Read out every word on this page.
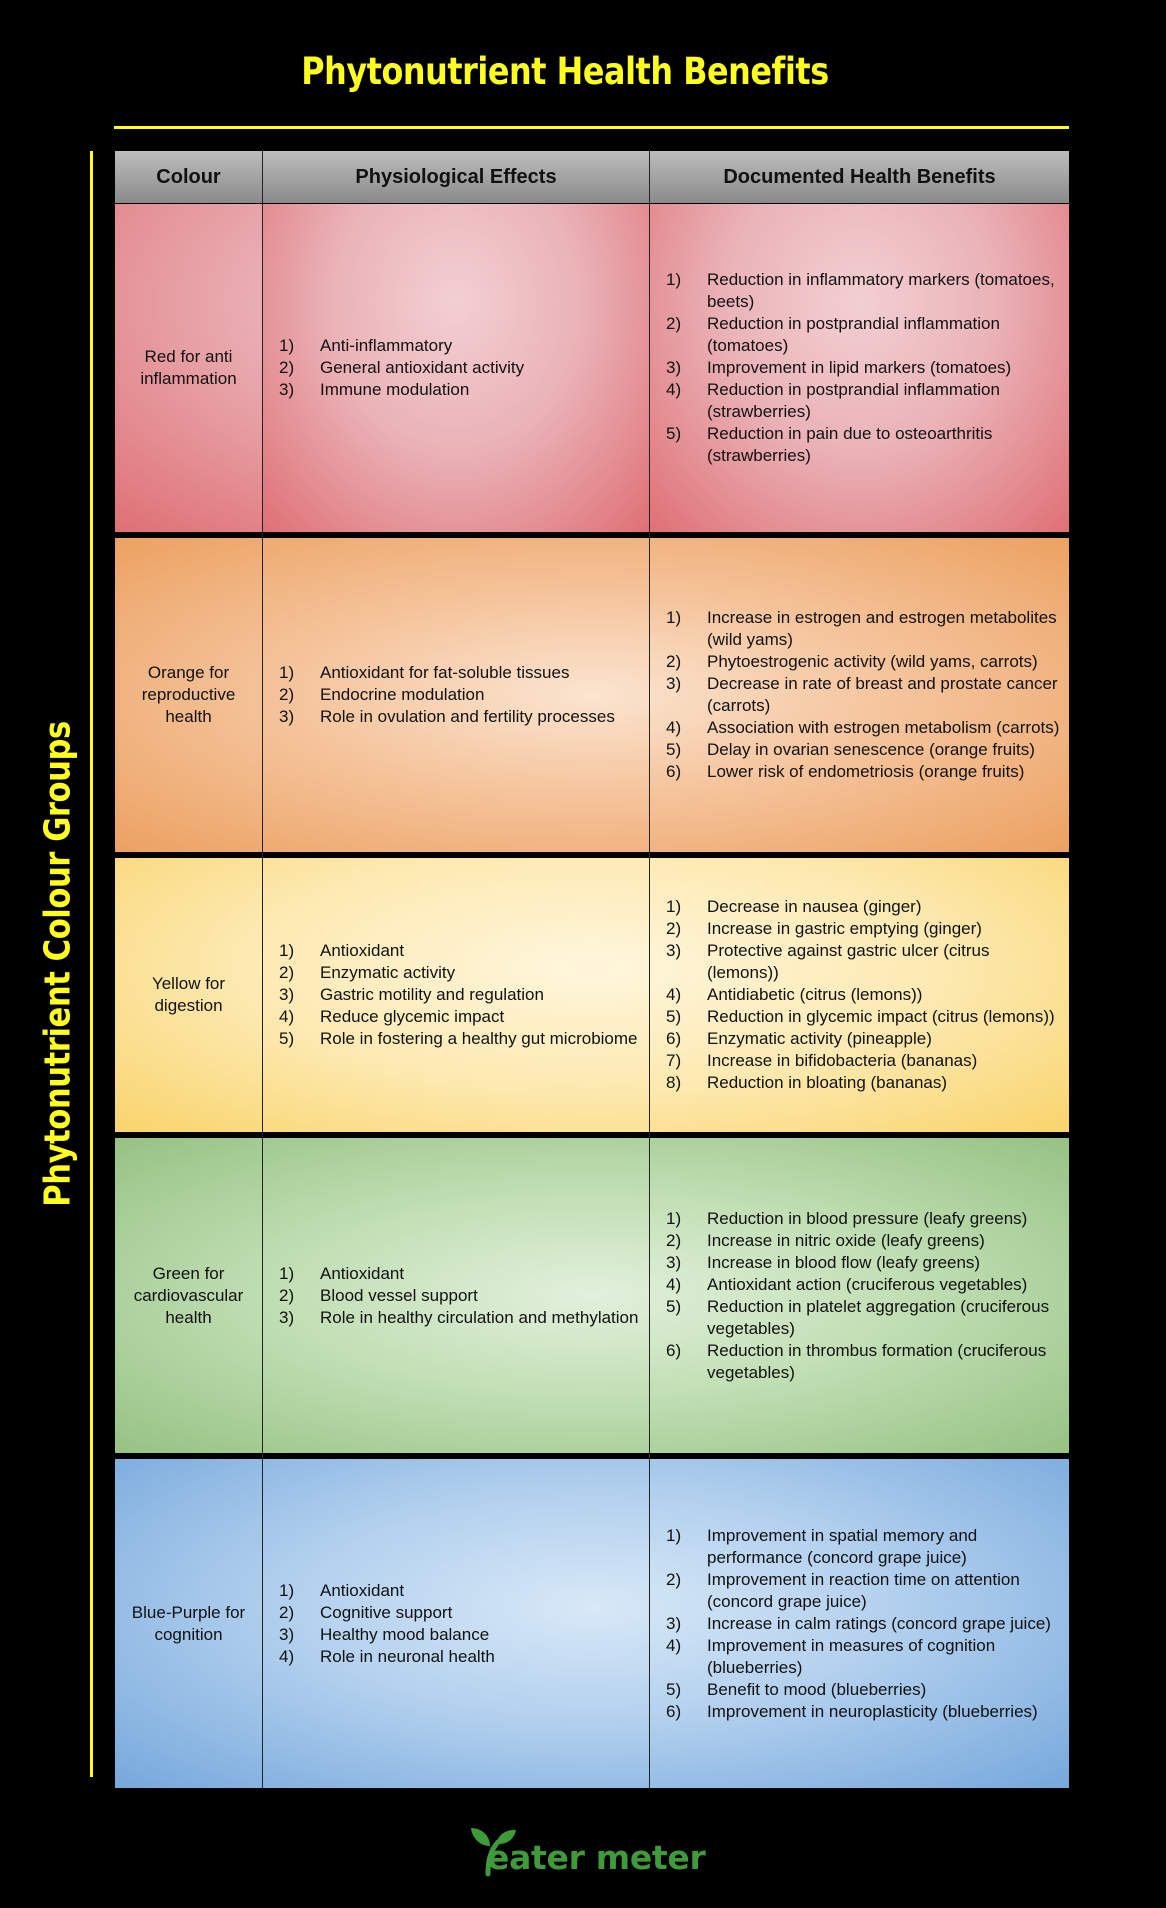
Phytonutrient Health Benefits
Phytonutrient Colour Groups
Colour	Physiological Effects	Documented Health Benefits
Red for anti inflammation
1) Anti-inflammatory
2) General antioxidant activity
3) Immune modulation
1) Reduction in inflammatory markers (tomatoes, beets)
2) Reduction in postprandial inflammation (tomatoes)
3) Improvement in lipid markers (tomatoes)
4) Reduction in postprandial inflammation (strawberries)
5) Reduction in pain due to osteoarthritis (strawberries)
Orange for reproductive health
1) Antioxidant for fat-soluble tissues
2) Endocrine modulation
3) Role in ovulation and fertility processes
1) Increase in estrogen and estrogen metabolites (wild yams)
2) Phytoestrogenic activity (wild yams, carrots)
3) Decrease in rate of breast and prostate cancer (carrots)
4) Association with estrogen metabolism (carrots)
5) Delay in ovarian senescence (orange fruits)
6) Lower risk of endometriosis (orange fruits)
Yellow for digestion
1) Antioxidant
2) Enzymatic activity
3) Gastric motility and regulation
4) Reduce glycemic impact
5) Role in fostering a healthy gut microbiome
1) Decrease in nausea (ginger)
2) Increase in gastric emptying (ginger)
3) Protective against gastric ulcer (citrus (lemons))
4) Antidiabetic (citrus (lemons))
5) Reduction in glycemic impact (citrus (lemons))
6) Enzymatic activity (pineapple)
7) Increase in bifidobacteria (bananas)
8) Reduction in bloating (bananas)
Green for cardiovascular health
1) Antioxidant
2) Blood vessel support
3) Role in healthy circulation and methylation
1) Reduction in blood pressure (leafy greens)
2) Increase in nitric oxide (leafy greens)
3) Increase in blood flow (leafy greens)
4) Antioxidant action (cruciferous vegetables)
5) Reduction in platelet aggregation (cruciferous vegetables)
6) Reduction in thrombus formation (cruciferous vegetables)
Blue-Purple for cognition
1) Antioxidant
2) Cognitive support
3) Healthy mood balance
4) Role in neuronal health
1) Improvement in spatial memory and performance (concord grape juice)
2) Improvement in reaction time on attention (concord grape juice)
3) Increase in calm ratings (concord grape juice)
4) Improvement in measures of cognition (blueberries)
5) Benefit to mood (blueberries)
6) Improvement in neuroplasticity (blueberries)
eater meter
